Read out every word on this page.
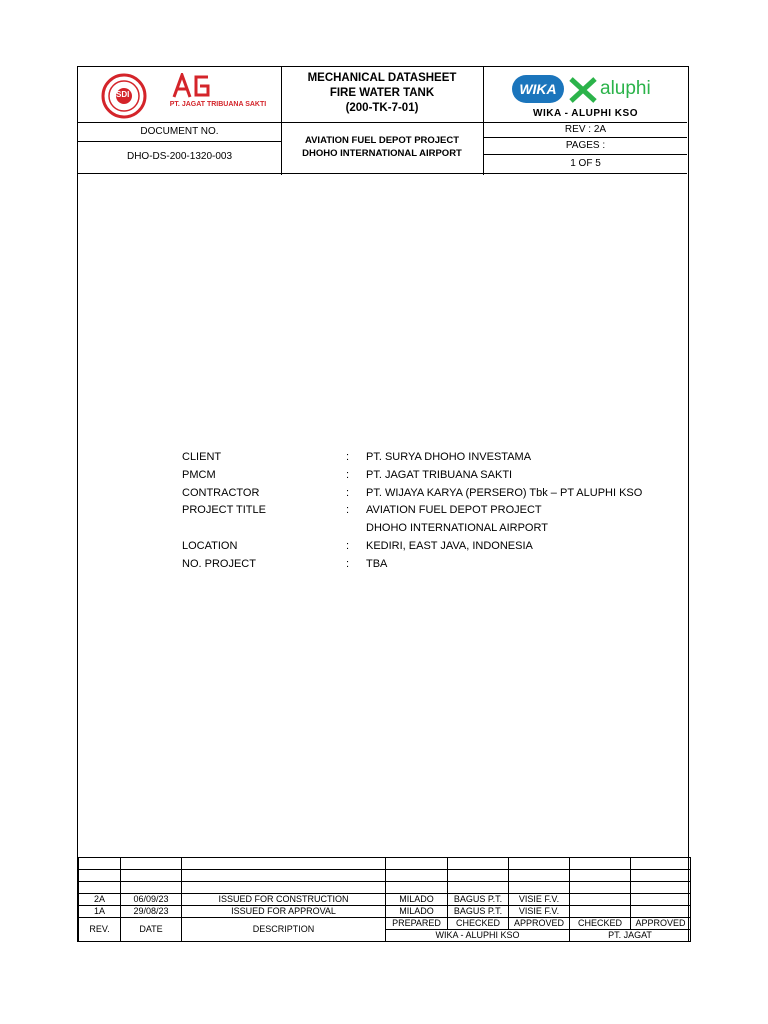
SDI
PT. JAGAT TRIBUANA SAKTI
MECHANICAL DATASHEET
FIRE WATER TANK
(200-TK-7-01)
WIKA	aluphi
WIKA - ALUPHI KSO
DOCUMENT NO.
DHO-DS-200-1320-003
AVIATION FUEL DEPOT PROJECT
DHOHO INTERNATIONAL AIRPORT
REV : 2A
PAGES :
1 OF 5
CLIENT	:	PT. SURYA DHOHO INVESTAMA
PMCM	:	PT. JAGAT TRIBUANA SAKTI
CONTRACTOR	:	PT. WIJAYA KARYA (PERSERO) Tbk – PT ALUPHI KSO
PROJECT TITLE	:	AVIATION FUEL DEPOT PROJECT
DHOHO INTERNATIONAL AIRPORT
LOCATION	:	KEDIRI, EAST JAVA, INDONESIA
NO. PROJECT	:	TBA

2A	06/09/23	ISSUED FOR CONSTRUCTION	MILADO	BAGUS P.T.	VISIE F.V.		
1A	29/08/23	ISSUED FOR APPROVAL	MILADO	BAGUS P.T.	VISIE F.V.		
REV.	DATE	DESCRIPTION	PREPARED	CHECKED	APPROVED	CHECKED	APPROVED
			WIKA - ALUPHI KSO			PT. JAGAT	
